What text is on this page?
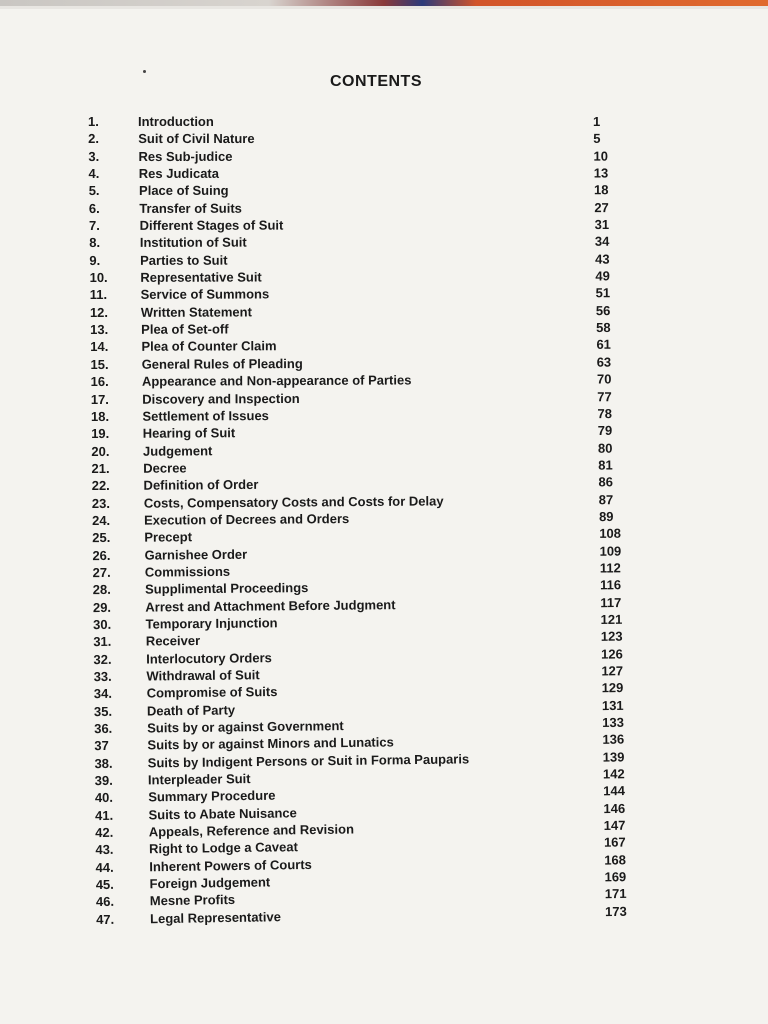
CONTENTS
1.	Introduction	1
2.	Suit of Civil Nature	5
3.	Res Sub-judice	10
4.	Res Judicata	13
5.	Place of Suing	18
6.	Transfer of Suits	27
7.	Different Stages of Suit	31
8.	Institution of Suit	34
9.	Parties to Suit	43
10.	Representative Suit	49
11.	Service of Summons	51
12.	Written Statement	56
13.	Plea of Set-off	58
14.	Plea of Counter Claim	61
15.	General Rules of Pleading	63
16.	Appearance and Non-appearance of Parties	70
17.	Discovery and Inspection	77
18.	Settlement of Issues	78
19.	Hearing of Suit	79
20.	Judgement	80
21.	Decree	81
22.	Definition of Order	86
23.	Costs, Compensatory Costs and Costs for Delay	87
24.	Execution of Decrees and Orders	89
25.	Precept	108
26.	Garnishee Order	109
27.	Commissions	112
28.	Supplimental Proceedings	116
29.	Arrest and Attachment Before Judgment	117
30.	Temporary Injunction	121
31.	Receiver	123
32.	Interlocutory Orders	126
33.	Withdrawal of Suit	127
34.	Compromise of Suits	129
35.	Death of Party	131
36.	Suits by or against Government	133
37	Suits by or against Minors and Lunatics	136
38.	Suits by Indigent Persons or Suit in Forma Pauparis	139
39.	Interpleader Suit	142
40.	Summary Procedure	144
41.	Suits to Abate Nuisance	146
42.	Appeals, Reference and Revision	147
43.	Right to Lodge a Caveat	167
44.	Inherent Powers of Courts	168
45.	Foreign Judgement	169
46.	Mesne Profits	171
47.	Legal Representative	173
